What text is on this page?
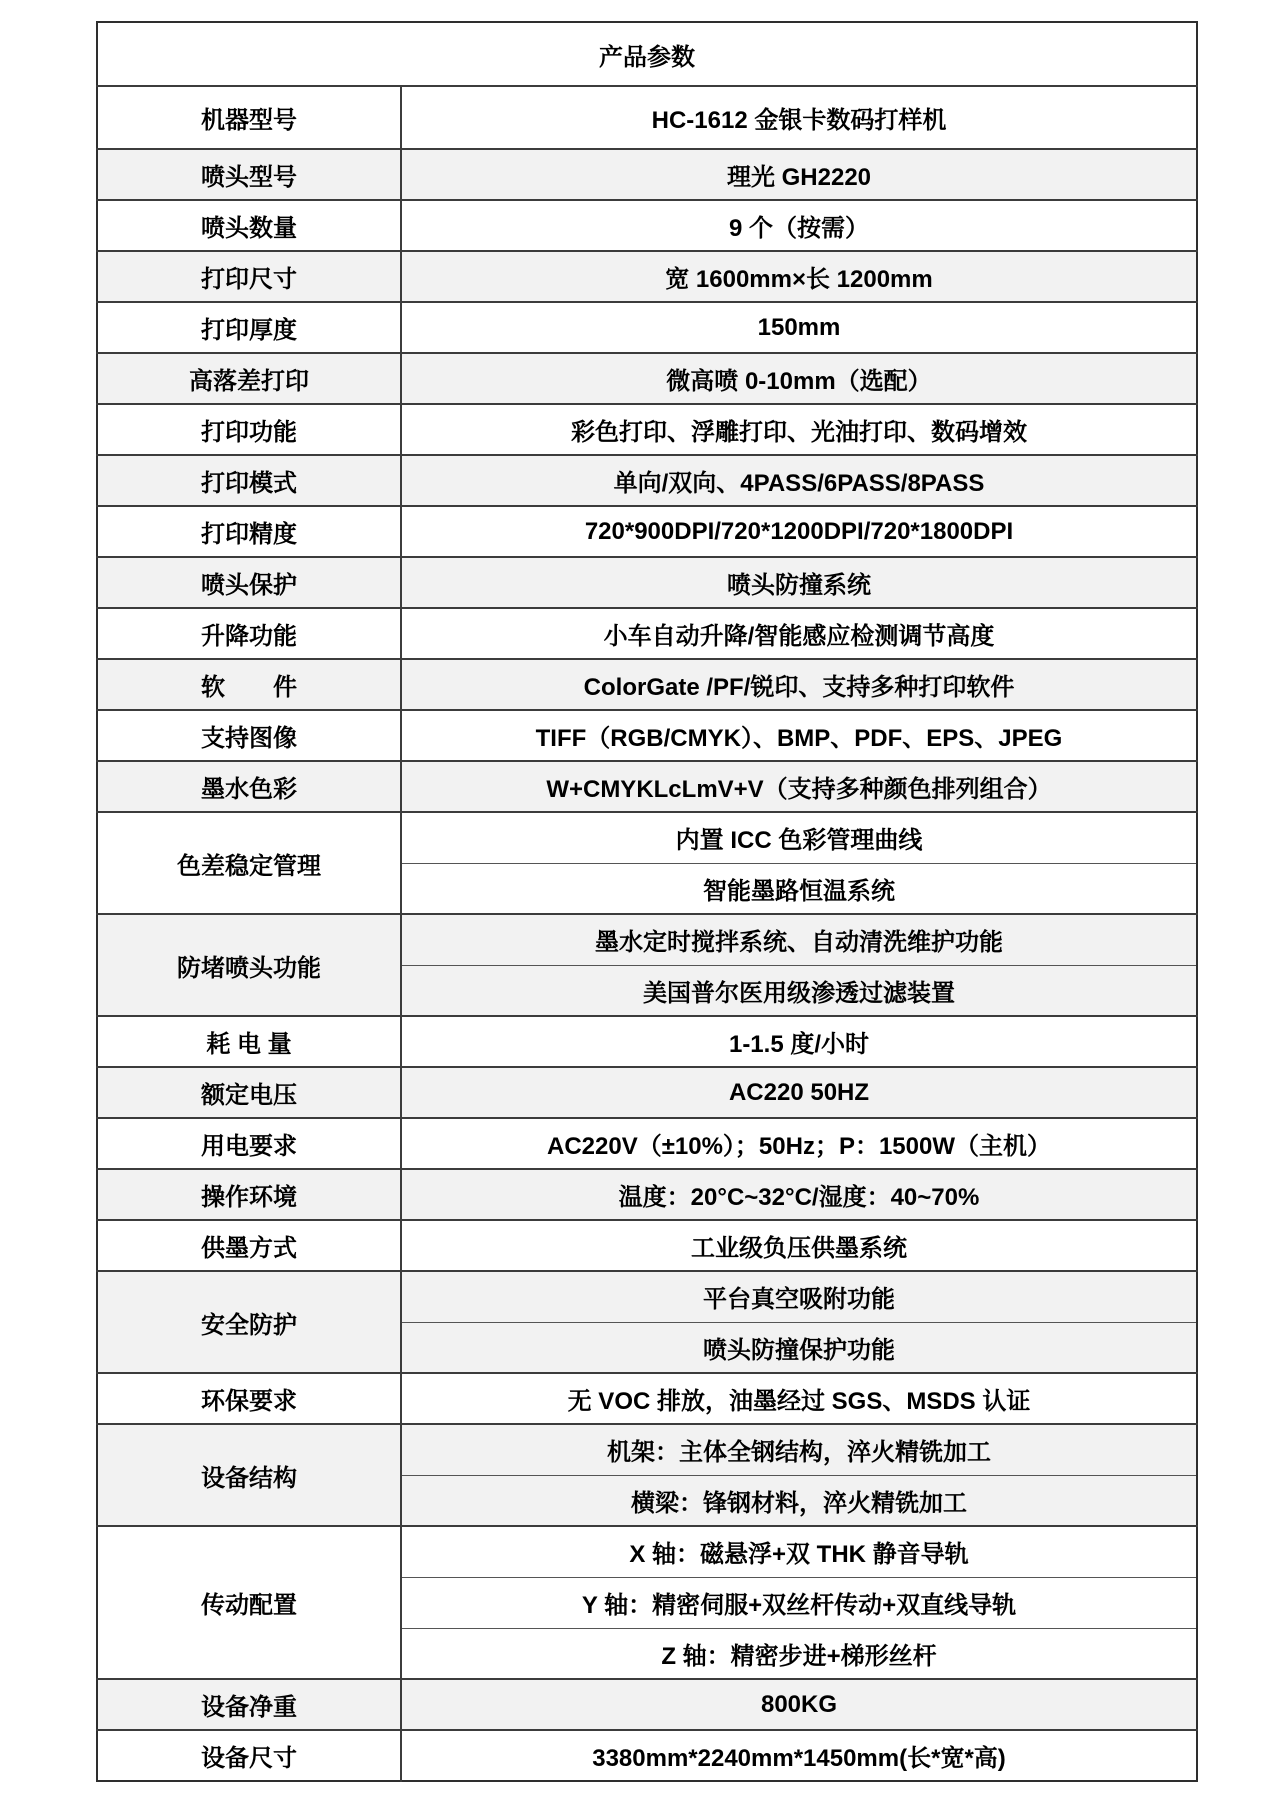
产品参数	
机器型号	HC-1612 金银卡数码打样机
喷头型号	理光 GH2220
喷头数量	9 个（按需）
打印尺寸	宽 1600mm×长 1200mm
打印厚度	150mm
高落差打印	微高喷 0-10mm（选配）
打印功能	彩色打印、浮雕打印、光油打印、数码增效
打印模式	单向/双向、4PASS/6PASS/8PASS
打印精度	720*900DPI/720*1200DPI/720*1800DPI
喷头保护	喷头防撞系统
升降功能	小车自动升降/智能感应检测调节高度
软　　件	ColorGate /PF/锐印、支持多种打印软件
支持图像	TIFF（RGB/CMYK）、BMP、PDF、EPS、JPEG
墨水色彩	W+CMYKLcLmV+V（支持多种颜色排列组合）
色差稳定管理	内置 ICC 色彩管理曲线
	智能墨路恒温系统
防堵喷头功能	墨水定时搅拌系统、自动清洗维护功能
	美国普尔医用级渗透过滤装置
耗 电 量	1-1.5 度/小时
额定电压	AC220 50HZ
用电要求	AC220V（±10%）；50Hz；P：1500W（主机）
操作环境	温度：20°C~32°C/湿度：40~70%
供墨方式	工业级负压供墨系统
安全防护	平台真空吸附功能
	喷头防撞保护功能
环保要求	无 VOC 排放，油墨经过 SGS、MSDS 认证
设备结构	机架：主体全钢结构，淬火精铣加工
	横梁：锋钢材料，淬火精铣加工
传动配置	X 轴：磁悬浮+双 THK 静音导轨
	Y 轴：精密伺服+双丝杆传动+双直线导轨
	Z 轴：精密步进+梯形丝杆
设备净重	800KG
设备尺寸	3380mm*2240mm*1450mm(长*宽*高)
